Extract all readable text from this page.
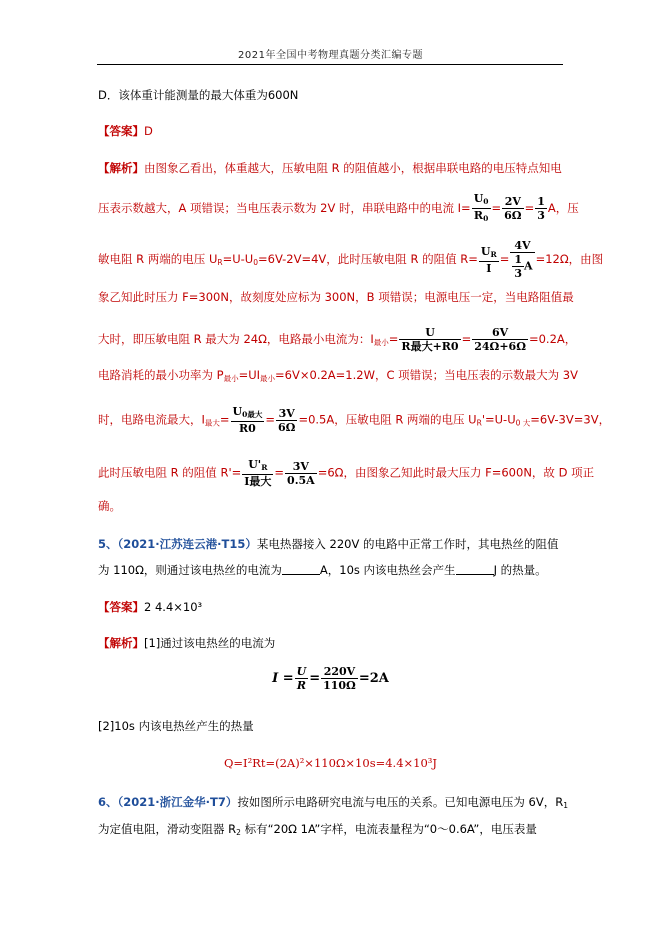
2021年全国中考物理真题分类汇编专题
D．该体重计能测量的最大体重为600N
【答案】D
【解析】由图象乙看出，体重越大，压敏电阻 R 的阻值越小，根据串联电路的电压特点知电
压表示数越大，A 项错误；当电压表示数为 2V 时，串联电路中的电流 $I= \frac{U_0}{R_0} = \frac{2V}{6\Omega} = \frac{1}{3}$ A，压
敏电阻 R 两端的电压 $U_R=U-U_0=6V-2V=4V$，此时压敏电阻 R 的阻值 $R= \frac{U_R}{I} = \frac{4V}{\frac{1}{3} A} =12\Omega$，由图
象乙知此时压力 F=300N，故刻度处应标为 300N，B 项错误；电源电压一定，当电路阻值最
大时，即压敏电阻 R 最大为 24Ω，电路最小电流为：$I_{最小}= \frac{U}{\text{R最大+R0}} = \frac{6V}{24\Omega+6\Omega} =0.2A$，
电路消耗的最小功率为 $P_{最小}=UI_{最小}=6V\times 0.2A=1.2W$，C 项错误；当电压表的示数最大为 3V
时，电路电流最大，$I_{最大}= \frac{U_{0最大}}{R0} = \frac{3V}{6\Omega} =0.5A$，压敏电阻 R 两端的电压 $U_R'=U-U_{0 大}=6V-3V=3V$，
此时压敏电阻 R 的阻值 $R'= \frac{U'_R}{\text{I最大}} = \frac{3V}{0.5A} =6\Omega$，由图象乙知此时最大压力 F=600N，故 D 项正
确。
5、（2021·江苏连云港·T15）某电热器接入 220V 的电路中正常工作时，其电热丝的阻值
为 110Ω，则通过该电热丝的电流为	A，10s 内该电热丝会产生	J 的热量。
【答案】2 4.4×10³
【解析】[1]通过该电热丝的电流为
$I = \frac{U}{R} = \frac{220V}{110\Omega} =2A$
[2]10s 内该电热丝产生的热量
Q=I²Rt=(2A)²×110Ω×10s=4.4×10³J
6、（2021·浙江金华·T7）按如图所示电路研究电流与电压的关系。已知电源电压为 6V，$R_1$
为定值电阻，滑动变阻器 $R_2$ 标有“20Ω 1A”字样，电流表量程为“0～0.6A”，电压表量
